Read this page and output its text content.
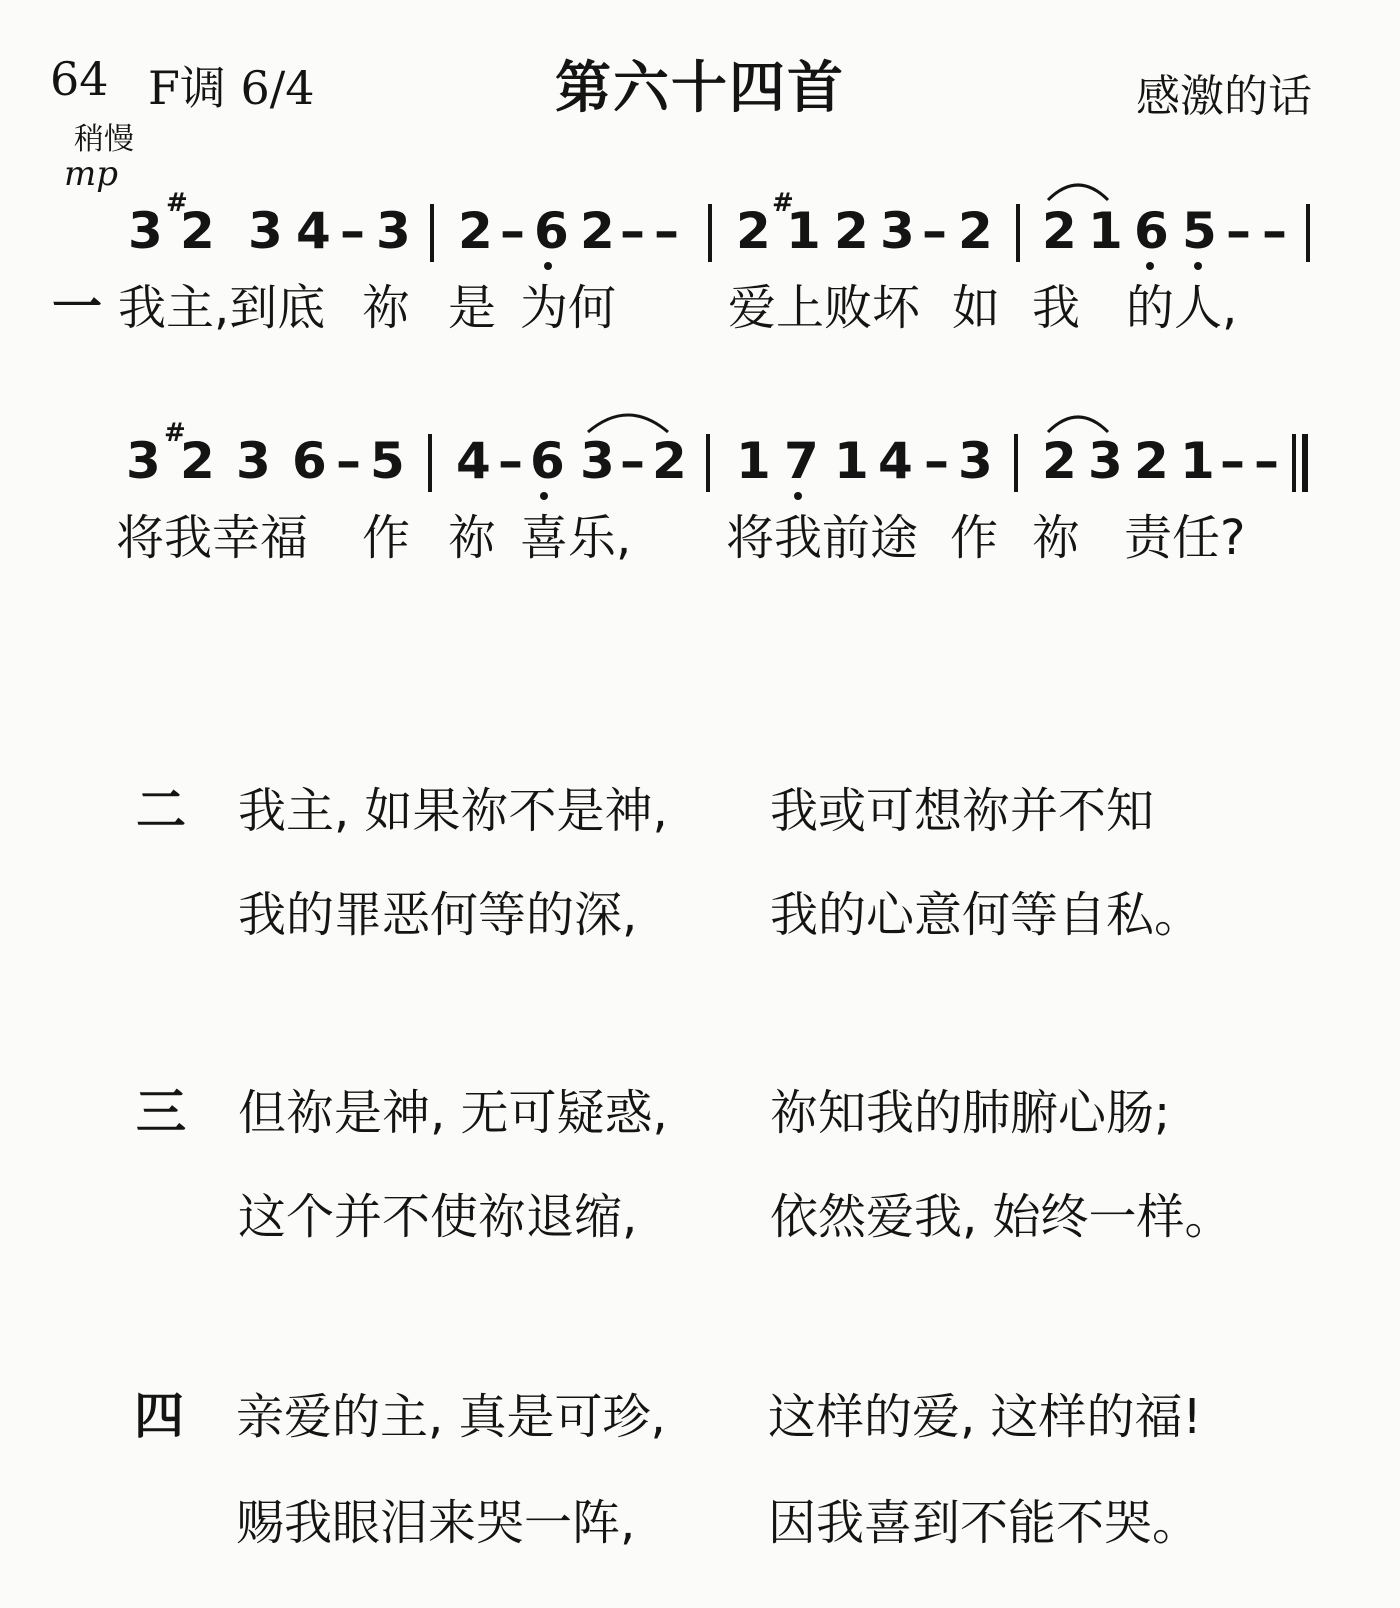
64 F调 6/4	第六十四首	感激的话
稍慢
mp
3 #
2 3 4 – 3 2 – 6 2 – – 2 #
1 2 3 – 2 2 1 6 5 – –
一 我主,到底 祢 是 为何 爱上败坏 如 我 的人,
3 #
2 3 6 – 5 4 – 6 3 – 2 1 7 1 4 – 3 2 3 2 1 – –
将我幸福 作 祢 喜乐, 将我前途 作 祢 责任?
二 我主, 如果祢不是神, 我或可想祢并不知
我的罪恶何等的深,	我的心意何等自私。
三 但祢是神, 无可疑惑, 祢知我的肺腑心肠;
这个并不使祢退缩,	依然爱我, 始终一样。
四 亲爱的主, 真是可珍, 这样的爱, 这样的福!
赐我眼泪来哭一阵,	因我喜到不能不哭。
